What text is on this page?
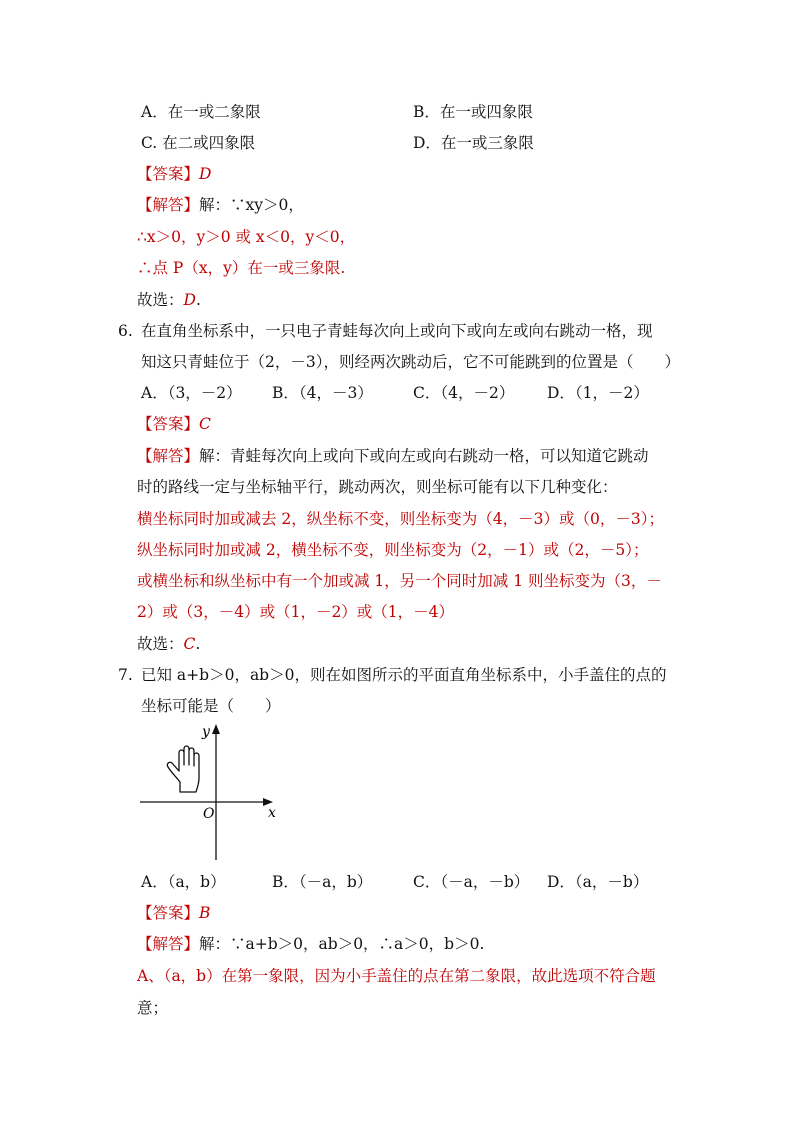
A．在一或二象限	B．在一或四象限
C. 在二或四象限	D．在一或三象限
【答案】D
【解答】解：∵xy＞0，
∴x＞0，y＞0 或 x＜0，y＜0，
∴点 P（x，y）在一或三象限.
故选：D.
6. 在直角坐标系中，一只电子青蛙每次向上或向下或向左或向右跳动一格，现
知这只青蛙位于（2，－3），则经两次跳动后，它不可能跳到的位置是（　　）
A．（3，－2） B．（4，－3）	C．（4，－2） D．（1，－2）
【答案】C
【解答】解：青蛙每次向上或向下或向左或向右跳动一格，可以知道它跳动
时的路线一定与坐标轴平行，跳动两次，则坐标可能有以下几种变化：
横坐标同时加或减去 2，纵坐标不变，则坐标变为（4，－3）或（0，－3）；
纵坐标同时加或减 2，横坐标不变，则坐标变为（2，－1）或（2，－5）；
或横坐标和纵坐标中有一个加或减 1，另一个同时加减 1 则坐标变为（3，－
2）或（3，－4）或（1，－2）或（1，－4）
故选：C.
7. 已知 a+b＞0，ab＞0，则在如图所示的平面直角坐标系中，小手盖住的点的
坐标可能是（　　）
y
x
O
A．（a，b）	B．（－a，b）	C．（－a，－b） D．（a，－b）
【答案】B
【解答】解：∵a+b＞0，ab＞0，∴a＞0，b＞0.
A、（a，b）在第一象限，因为小手盖住的点在第二象限，故此选项不符合题
意；
